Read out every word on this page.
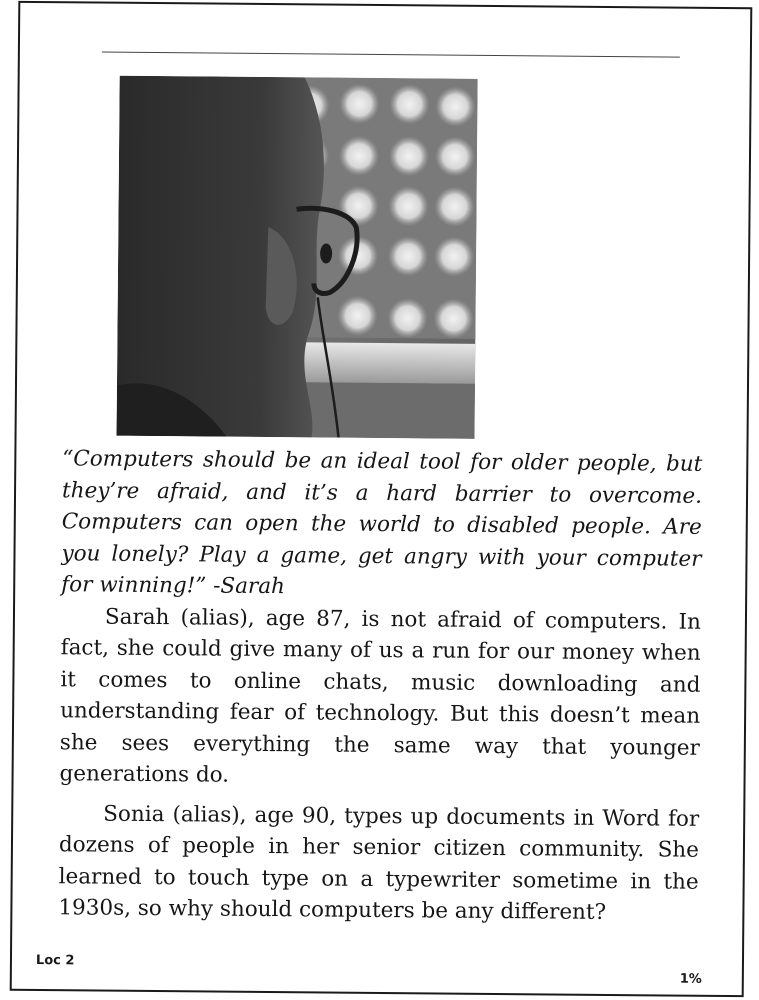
“Computers should be an ideal tool for older people, but they’re afraid, and it’s a hard barrier to overcome. Computers can open the world to disabled people. Are you lonely? Play a game, get angry with your computer for winning!” -Sarah

Sarah (alias), age 87, is not afraid of computers. In fact, she could give many of us a run for our money when it comes to online chats, music downloading and understanding fear of technology. But this doesn’t mean she sees everything the same way that younger generations do.

Sonia (alias), age 90, types up documents in Word for dozens of people in her senior citizen community. She learned to touch type on a typewriter sometime in the 1930s, so why should computers be any different?

Loc 2
1%
